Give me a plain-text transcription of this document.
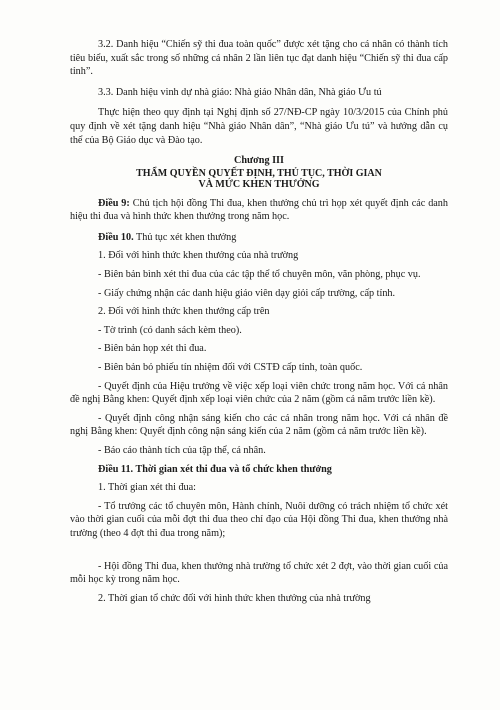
3.2. Danh hiệu “Chiến sỹ thi đua toàn quốc” được xét tặng cho cá nhân có thành tích tiêu biểu, xuất sắc trong số những cá nhân 2 lần liên tục đạt danh hiệu “Chiến sỹ thi đua cấp tỉnh”.

3.3. Danh hiệu vinh dự nhà giáo: Nhà giáo Nhân dân, Nhà giáo Ưu tú

Thực hiện theo quy định tại Nghị định số 27/NĐ-CP ngày 10/3/2015 của Chính phủ quy định về xét tặng danh hiệu “Nhà giáo Nhân dân”, “Nhà giáo Ưu tú” và hướng dẫn cụ thể của Bộ Giáo dục và Đào tạo.

Chương III
THẨM QUYỀN QUYẾT ĐỊNH, THỦ TỤC, THỜI GIAN
VÀ MỨC KHEN THƯỞNG

Điều 9: Chủ tịch hội đồng Thi đua, khen thưởng chủ trì họp xét quyết định các danh hiệu thi đua và hình thức khen thưởng trong năm học.

Điều 10. Thủ tục xét khen thưởng

1. Đối với hình thức khen thưởng của nhà trường

- Biên bản bình xét thi đua của các tập thể tổ chuyên môn, văn phòng, phục vụ.

- Giấy chứng nhận các danh hiệu giáo viên dạy giỏi cấp trường, cấp tỉnh.

2. Đối với hình thức khen thưởng cấp trên

- Tờ trình (có danh sách kèm theo).

- Biên bản họp xét thi đua.

- Biên bản bỏ phiếu tín nhiệm đối với CSTĐ cấp tỉnh, toàn quốc.

- Quyết định của Hiệu trưởng về việc xếp loại viên chức trong năm học. Với cá nhân đề nghị Bằng khen: Quyết định xếp loại viên chức của 2 năm (gồm cả năm trước liền kề).

- Quyết định công nhận sáng kiến cho các cá nhân trong năm học. Với cá nhân đề nghị Bằng khen: Quyết định công nận sáng kiến của 2 năm (gồm cả năm trước liền kề).

- Báo cáo thành tích của tập thể, cá nhân.

Điều 11. Thời gian xét thi đua và tổ chức khen thưởng

1. Thời gian xét thi đua:

- Tổ trưởng các tổ chuyên môn, Hành chính, Nuôi dưỡng có trách nhiệm tổ chức xét vào thời gian cuối của mỗi đợt thi đua theo chỉ đạo của Hội đồng Thi đua, khen thưởng nhà trường (theo 4 đợt thi đua trong năm);

- Hội đồng Thi đua, khen thưởng nhà trường tổ chức xét 2 đợt, vào thời gian cuối của mỗi học kỳ trong năm học.

2. Thời gian tổ chức đối với hình thức khen thưởng của nhà trường
